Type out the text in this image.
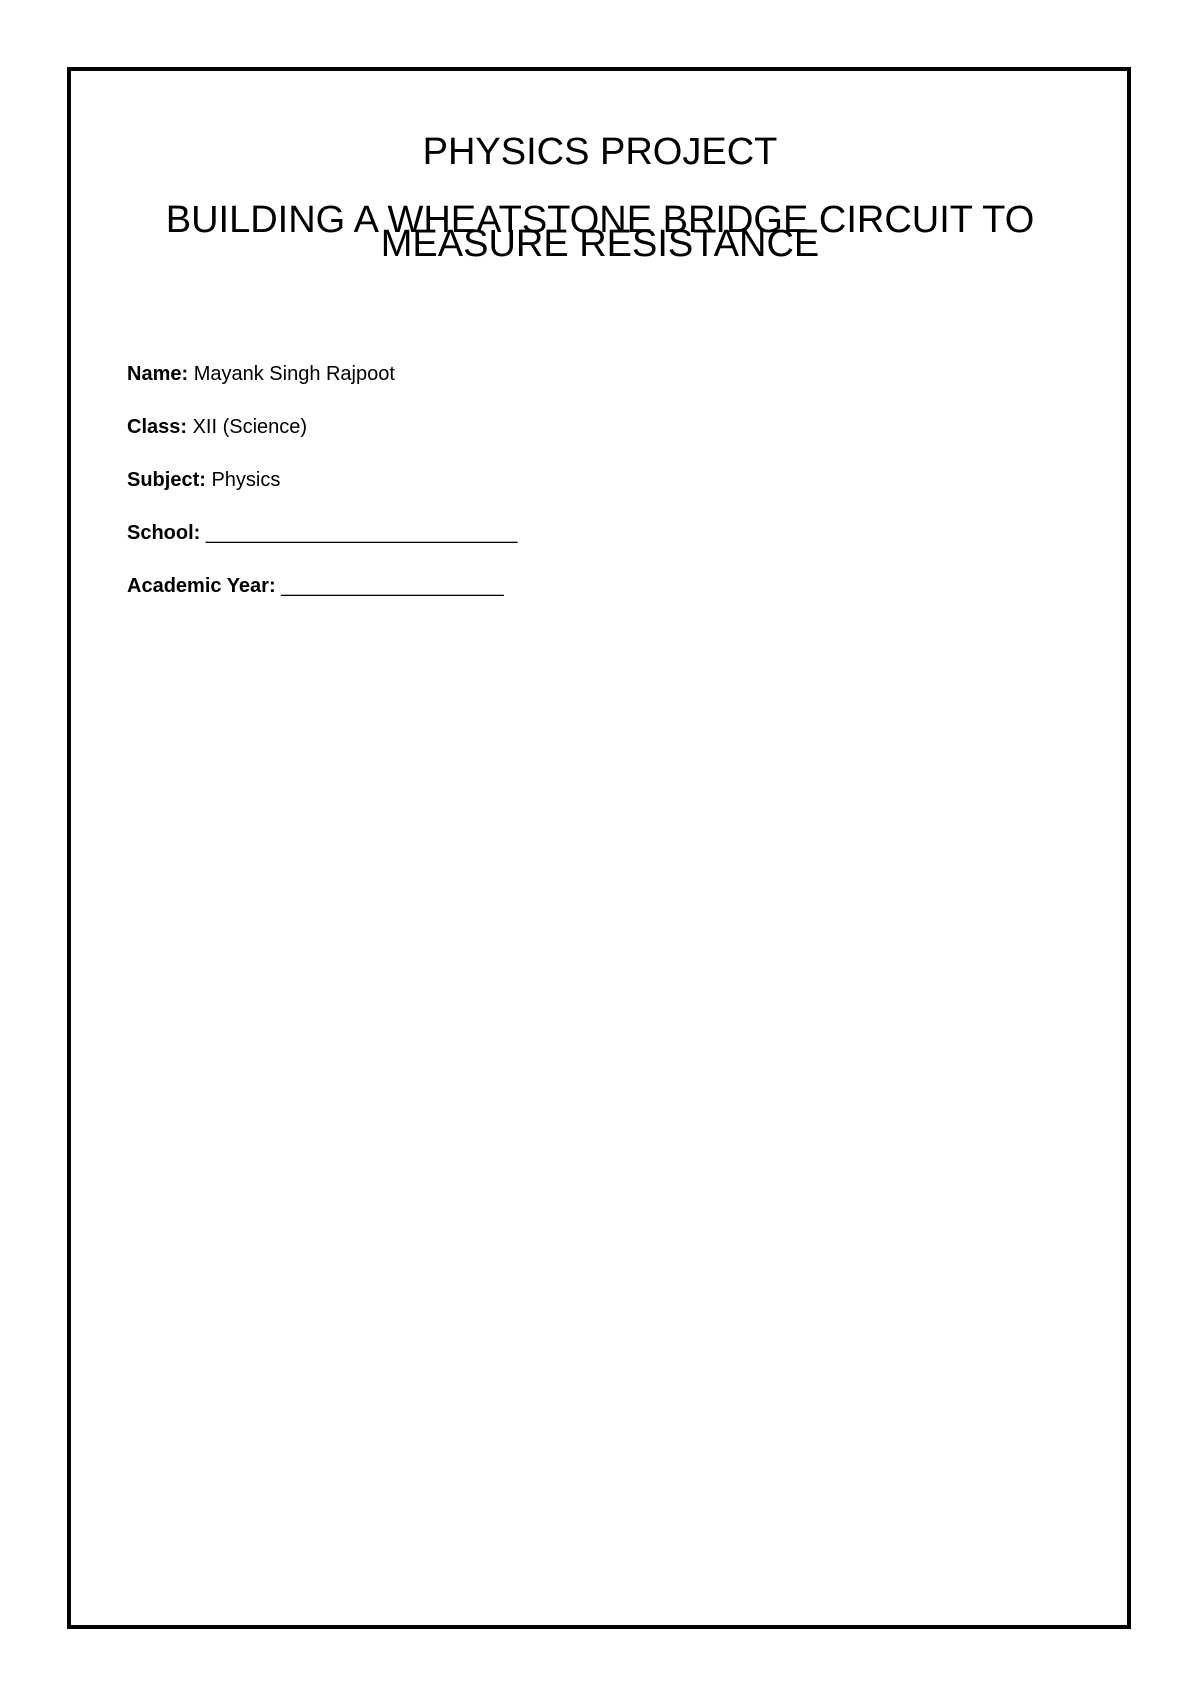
PHYSICS PROJECT
BUILDING A WHEATSTONE BRIDGE CIRCUIT TO MEASURE RESISTANCE
Name: Mayank Singh Rajpoot
Class: XII (Science)
Subject: Physics
School: ____________________________
Academic Year: ____________________
